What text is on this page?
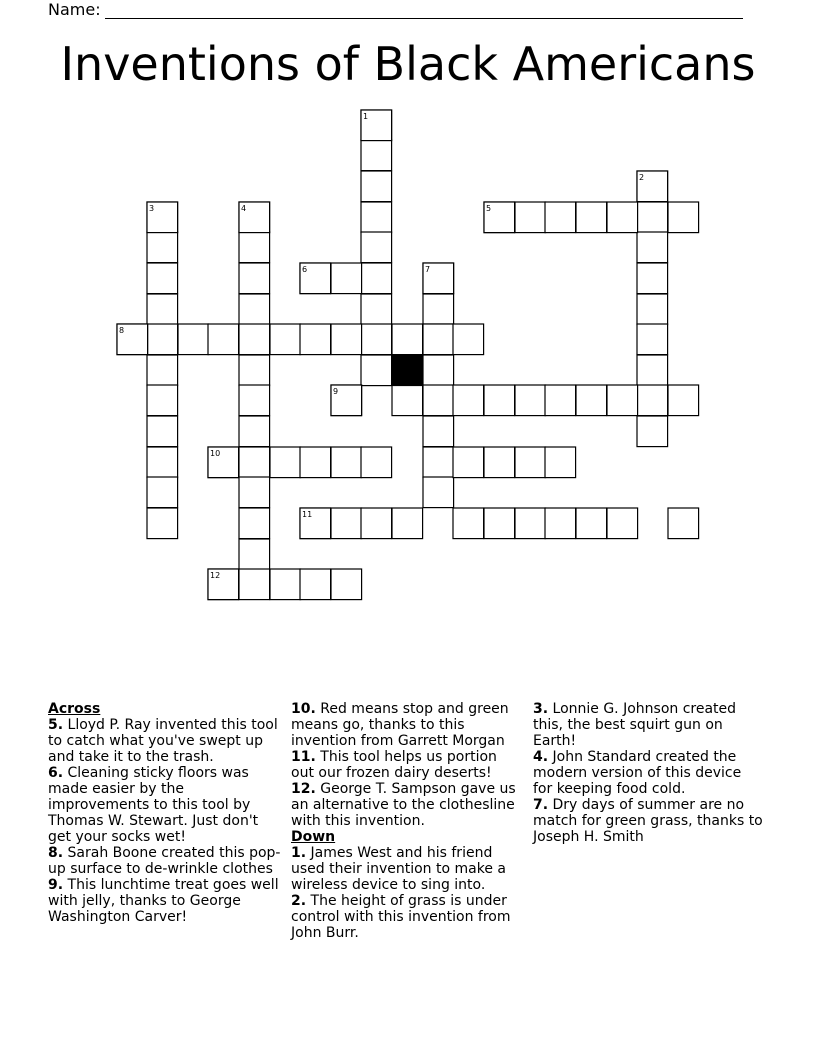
Name:
Inventions of Black Americans
1
2
3	4	5
6	7
8
9
10
11
12
Across
5. Lloyd P. Ray invented this tool to catch what you've swept up and take it to the trash.
6. Cleaning sticky floors was made easier by the improvements to this tool by Thomas W. Stewart. Just don't get your socks wet!
8. Sarah Boone created this pop-up surface to de-wrinkle clothes
9. This lunchtime treat goes well with jelly, thanks to George Washington Carver!
10. Red means stop and green means go, thanks to this invention from Garrett Morgan
11. This tool helps us portion out our frozen dairy deserts!
12. George T. Sampson gave us an alternative to the clothesline with this invention.
Down
1. James West and his friend used their invention to make a wireless device to sing into.
2. The height of grass is under control with this invention from John Burr.
3. Lonnie G. Johnson created this, the best squirt gun on Earth!
4. John Standard created the modern version of this device for keeping food cold.
7. Dry days of summer are no match for green grass, thanks to Joseph H. Smith
